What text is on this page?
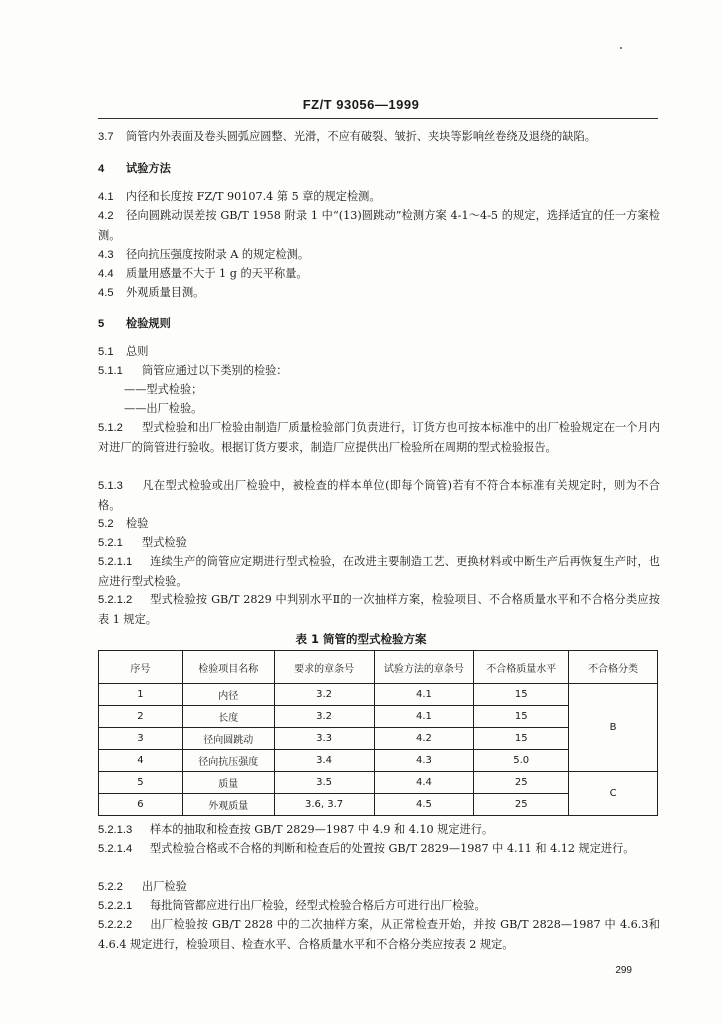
FZ/T 93056—1999
3.7 筒管内外表面及卷头圆弧应圆整、光滑，不应有破裂、皱折、夹块等影响丝卷绕及退绕的缺陷。
4 试验方法
4.1 内径和长度按 FZ/T 90107.4 第 5 章的规定检测。
4.2 径向圆跳动误差按 GB/T 1958 附录 1 中“(13)圆跳动”检测方案 4-1～4-5 的规定，选择适宜的任一方案检测。
4.3 径向抗压强度按附录 A 的规定检测。
4.4 质量用感量不大于 1 g 的天平称量。
4.5 外观质量目测。
5 检验规则
5.1 总则
5.1.1 筒管应通过以下类别的检验：
——型式检验；
——出厂检验。
5.1.2 型式检验和出厂检验由制造厂质量检验部门负责进行，订货方也可按本标准中的出厂检验规定在一个月内对进厂的筒管进行验收。根据订货方要求，制造厂应提供出厂检验所在周期的型式检验报告。
5.1.3 凡在型式检验或出厂检验中，被检查的样本单位(即每个筒管)若有不符合本标准有关规定时，则为不合格。
5.2 检验
5.2.1 型式检验
5.2.1.1 连续生产的筒管应定期进行型式检验，在改进主要制造工艺、更换材料或中断生产后再恢复生产时，也应进行型式检验。
5.2.1.2 型式检验按 GB/T 2829 中判别水平Ⅱ的一次抽样方案，检验项目、不合格质量水平和不合格分类应按表 1 规定。
表 1 筒管的型式检验方案
序号	检验项目名称	要求的章条号	试验方法的章条号	不合格质量水平	不合格分类
1	内径	3.2	4.1	15	B
2	长度	3.2	4.1	15	
3	径向圆跳动	3.3	4.2	15	
4	径向抗压强度	3.4	4.3	5.0	
5	质量	3.5	4.4	25	C
6	外观质量	3.6, 3.7	4.5	25	
5.2.1.3 样本的抽取和检查按 GB/T 2829—1987 中 4.9 和 4.10 规定进行。
5.2.1.4 型式检验合格或不合格的判断和检查后的处置按 GB/T 2829—1987 中 4.11 和 4.12 规定进行。
5.2.2 出厂检验
5.2.2.1 每批筒管都应进行出厂检验，经型式检验合格后方可进行出厂检验。
5.2.2.2 出厂检验按 GB/T 2828 中的二次抽样方案，从正常检查开始，并按 GB/T 2828—1987 中 4.6.3和 4.6.4 规定进行，检验项目、检查水平、合格质量水平和不合格分类应按表 2 规定。
299
